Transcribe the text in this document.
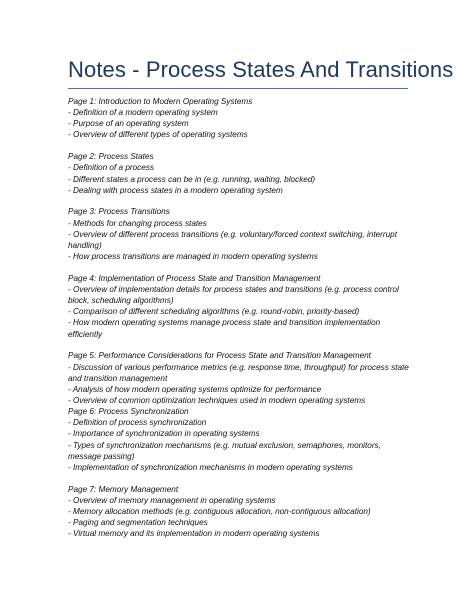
Notes - Process States And Transitions
Page 1: Introduction to Modern Operating Systems
- Definition of a modern operating system
- Purpose of an operating system
- Overview of different types of operating systems
Page 2: Process States
- Definition of a process
- Different states a process can be in (e.g. running, waiting, blocked)
- Dealing with process states in a modern operating system
Page 3: Process Transitions
- Methods for changing process states
- Overview of different process transitions (e.g. voluntary/forced context switching, interrupt handling)
- How process transitions are managed in modern operating systems
Page 4: Implementation of Process State and Transition Management
- Overview of implementation details for process states and transitions (e.g. process control block, scheduling algorithms)
- Comparison of different scheduling algorithms (e.g. round-robin, priority-based)
- How modern operating systems manage process state and transition implementation efficiently
Page 5: Performance Considerations for Process State and Transition Management
- Discussion of various performance metrics (e.g. response time, throughput) for process state and transition management
- Analysis of how modern operating systems optimize for performance
- Overview of common optimization techniques used in modern operating systems
Page 6: Process Synchronization
- Definition of process synchronization
- Importance of synchronization in operating systems
- Types of synchronization mechanisms (e.g. mutual exclusion, semaphores, monitors, message passing)
- Implementation of synchronization mechanisms in modern operating systems
Page 7: Memory Management
- Overview of memory management in operating systems
- Memory allocation methods (e.g. contiguous allocation, non-contiguous allocation)
- Paging and segmentation techniques
- Virtual memory and its implementation in modern operating systems
